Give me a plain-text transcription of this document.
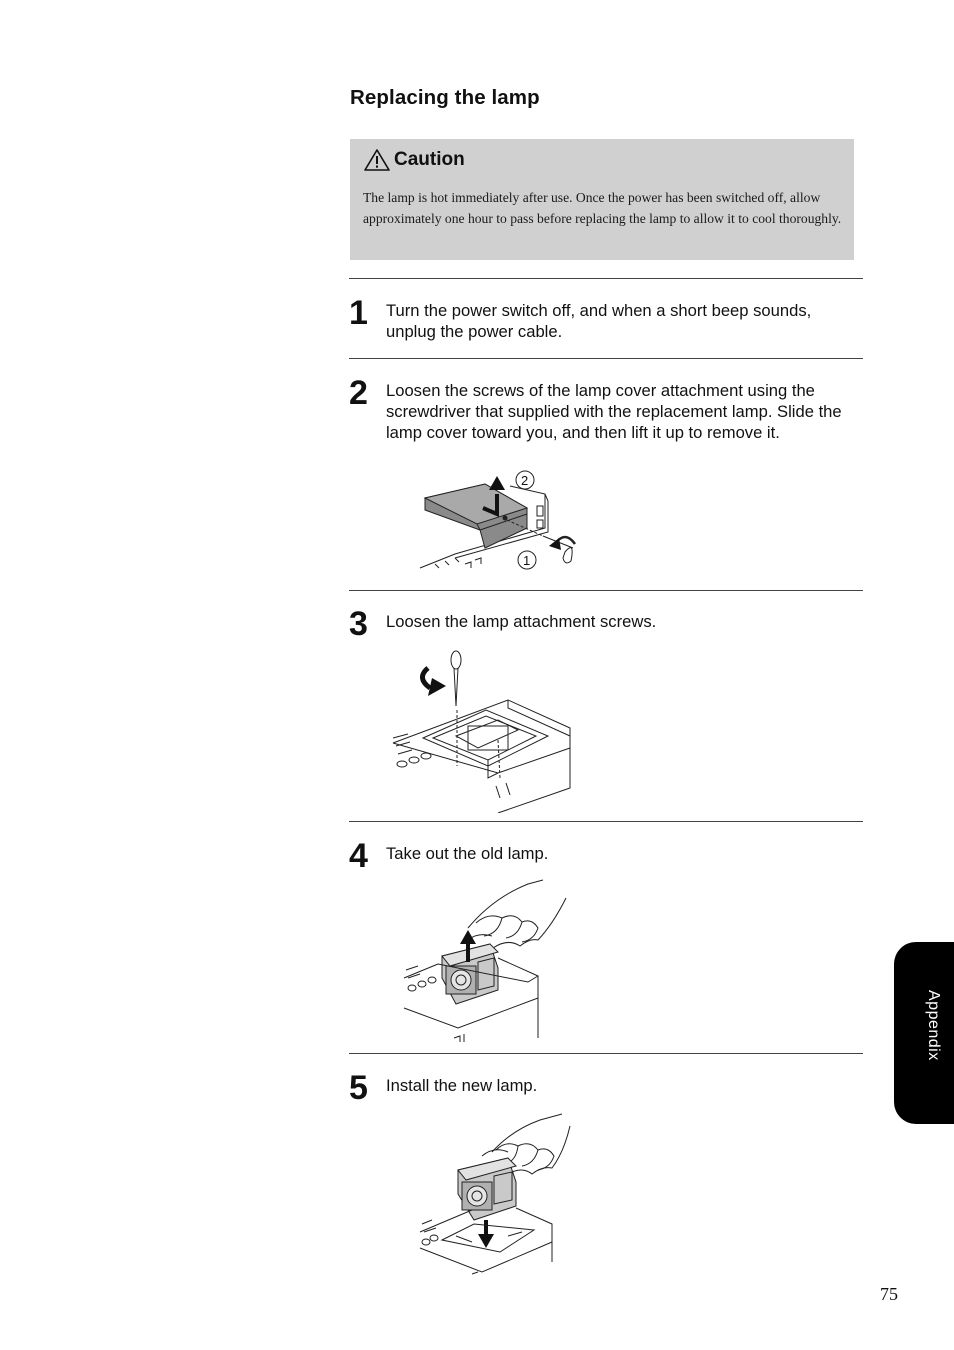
Replacing the lamp
Caution
The lamp is hot immediately after use. Once the power has been switched off, allow approximately one hour to pass before replacing the lamp to allow it to cool thoroughly.
1	Turn the power switch off, and when a short beep sounds, unplug the power cable.
2	Loosen the screws of the lamp cover attachment using the screwdriver that supplied with the replacement lamp. Slide the lamp cover toward you, and then lift it up to remove it.
2
1
3	Loosen the lamp attachment screws.
4	Take out the old lamp.
5	Install the new lamp.
Appendix
75
